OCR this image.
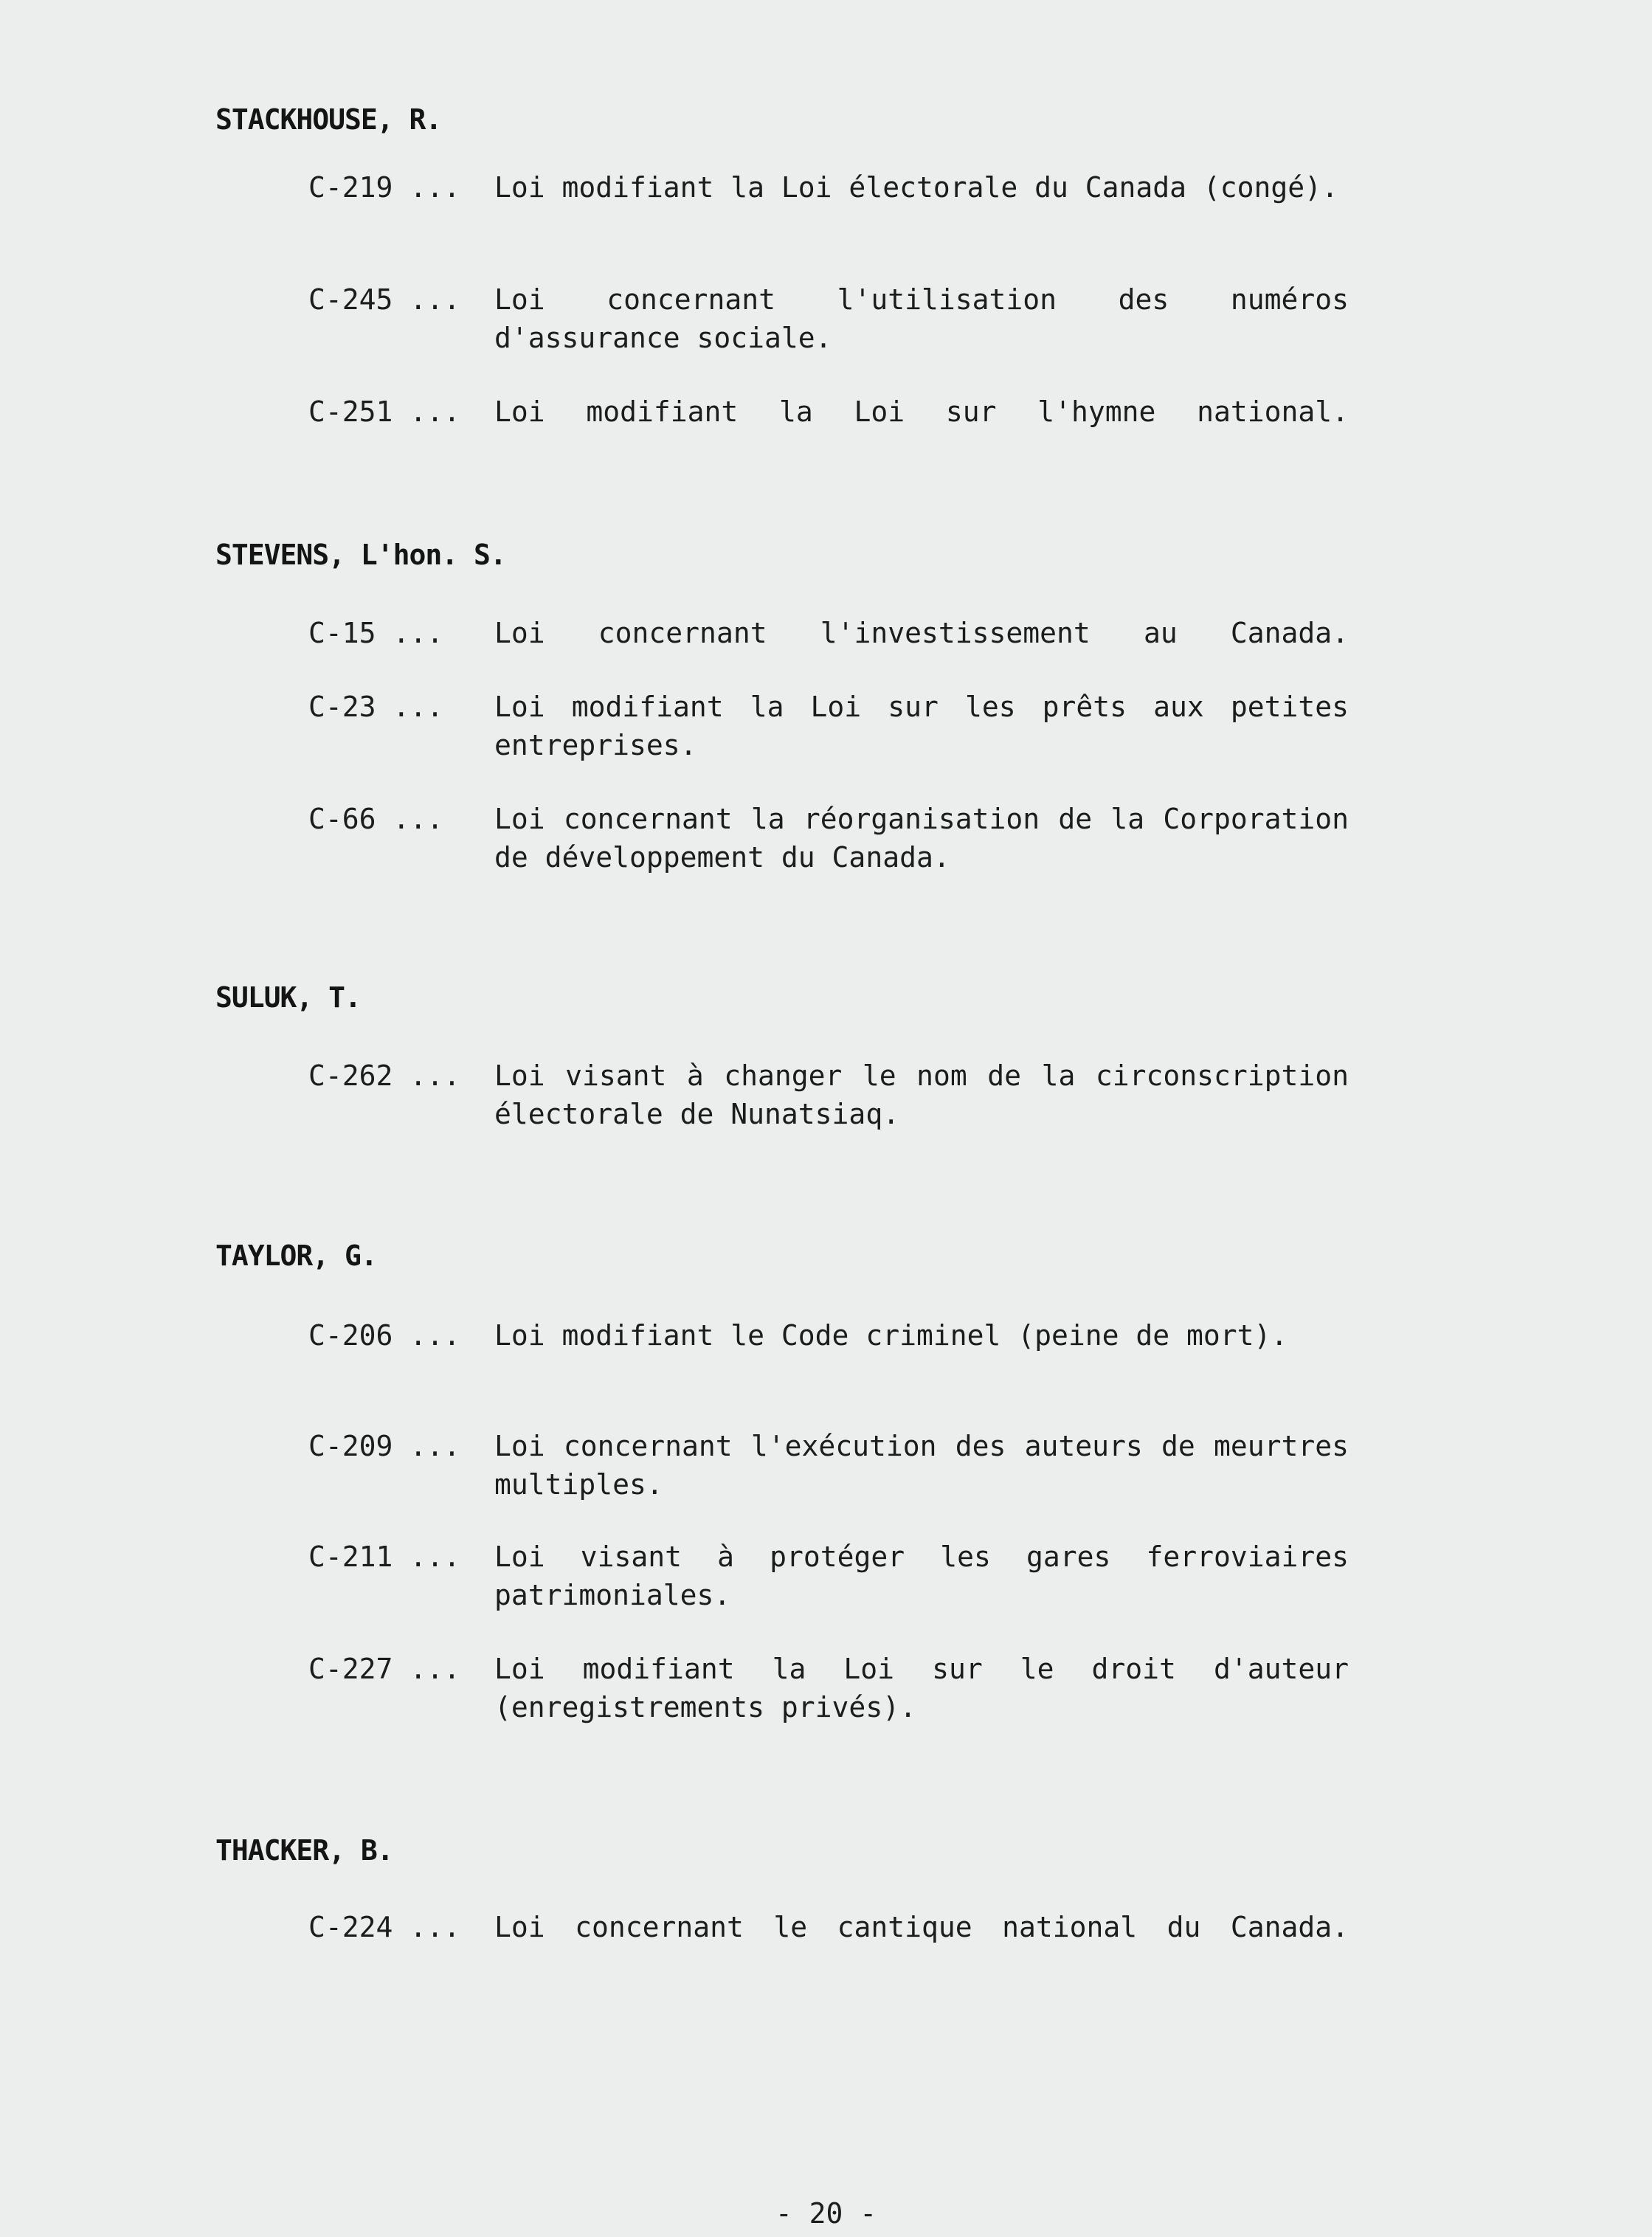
STACKHOUSE, R.
C-219 ... Loi modifiant la Loi électorale du Canada (congé).
C-245 ... Loi concernant l'utilisation des numéros d'assurance sociale.
C-251 ... Loi modifiant la Loi sur l'hymne national.
STEVENS, L'hon. S.
C-15 ... Loi concernant l'investissement au Canada.
C-23 ... Loi modifiant la Loi sur les prêts aux petites entreprises.
C-66 ... Loi concernant la réorganisation de la Corporation de développement du Canada.
SULUK, T.
C-262 ... Loi visant à changer le nom de la circonscription électorale de Nunatsiaq.
TAYLOR, G.
C-206 ... Loi modifiant le Code criminel (peine de mort).
C-209 ... Loi concernant l'exécution des auteurs de meurtres multiples.
C-211 ... Loi visant à protéger les gares ferroviaires patrimoniales.
C-227 ... Loi modifiant la Loi sur le droit d'auteur (enregistrements privés).
THACKER, B.
C-224 ... Loi concernant le cantique national du Canada.
- 20 -
